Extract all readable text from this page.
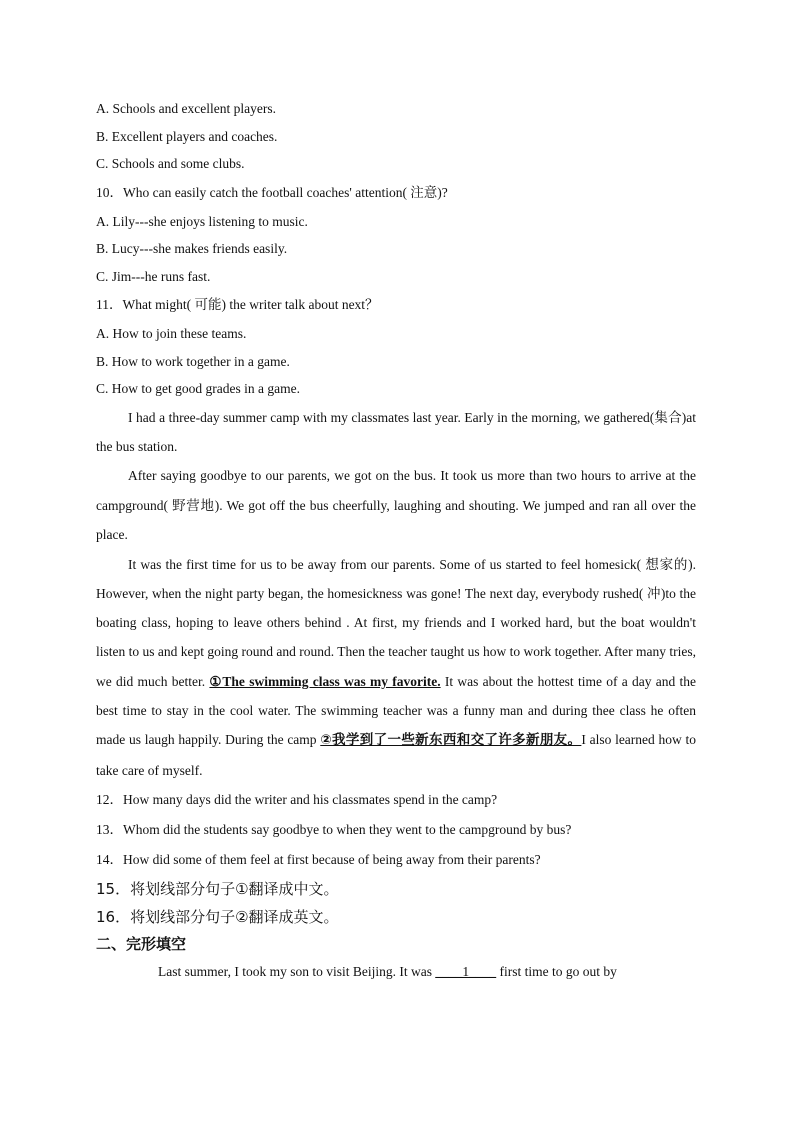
A. Schools and excellent players.
B. Excellent players and coaches.
C. Schools and some clubs.
10．Who can easily catch the football coaches' attention( 注意)?
A. Lily---she enjoys listening to music.
B. Lucy---she makes friends easily.
C. Jim---he runs fast.
11．What might( 可能) the writer talk about next？
A. How to join these teams.
B. How to work together in a game.
C. How to get good grades in a game.

I had a three-day summer camp with my classmates last year. Early in the morning, we gathered(集合)at the bus station.

After saying goodbye to our parents, we got on the bus. It took us more than two hours to arrive at the campground( 野营地). We got off the bus cheerfully, laughing and shouting. We jumped and ran all over the place.

It was the first time for us to be away from our parents. Some of us started to feel homesick( 想家的). However, when the night party began, the homesickness was gone! The next day, everybody rushed( 冲)to the boating class, hoping to leave others behind . At first, my friends and I worked hard, but the boat wouldn't listen to us and kept going round and round. Then the teacher taught us how to work together. After many tries, we did much better. ①The swimming class was my favorite. It was about the hottest time of a day and the best time to stay in the cool water. The swimming teacher was a funny man and during thee class he often made us laugh happily. During the camp ②我学到了一些新东西和交了许多新朋友。I also learned how to take care of myself.

12．How many days did the writer and his classmates spend in the camp?
13．Whom did the students say goodbye to when they went to the campground by bus?
14．How did some of them feel at first because of being away from their parents?
15．将划线部分句子①翻译成中文。
16．将划线部分句子②翻译成英文。
二、完形填空

Last summer, I took my son to visit Beijing. It was ____1____ first time to go out by
